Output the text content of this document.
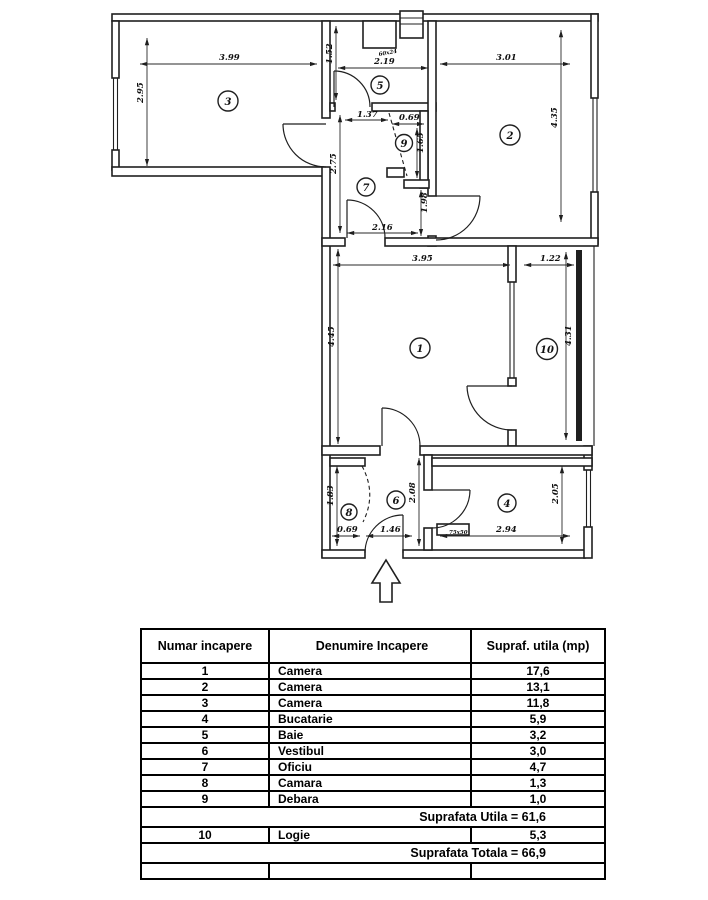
60x24
75x50
3.99
2.95
2.19
1.52	3.01
4.35
1.37
2.75
0.69
1.65
1.98
2.16
3.95
4.45
1.22
4.31
1.83
0.69	1.46
2.08
2.94
2.05
1
2
3
4
5
6
7
8
9
10
Numar incapere	Denumire Incapere	Supraf. utila (mp)
1	Camera	17,6
2	Camera	13,1
3	Camera	11,8
4	Bucatarie	5,9
5	Baie	3,2
6	Vestibul	3,0
7	Oficiu	4,7
8	Camara	1,3
9	Debara	1,0
Suprafata Utila = 61,6		
10	Logie	5,3
Suprafata Totala = 66,9		
